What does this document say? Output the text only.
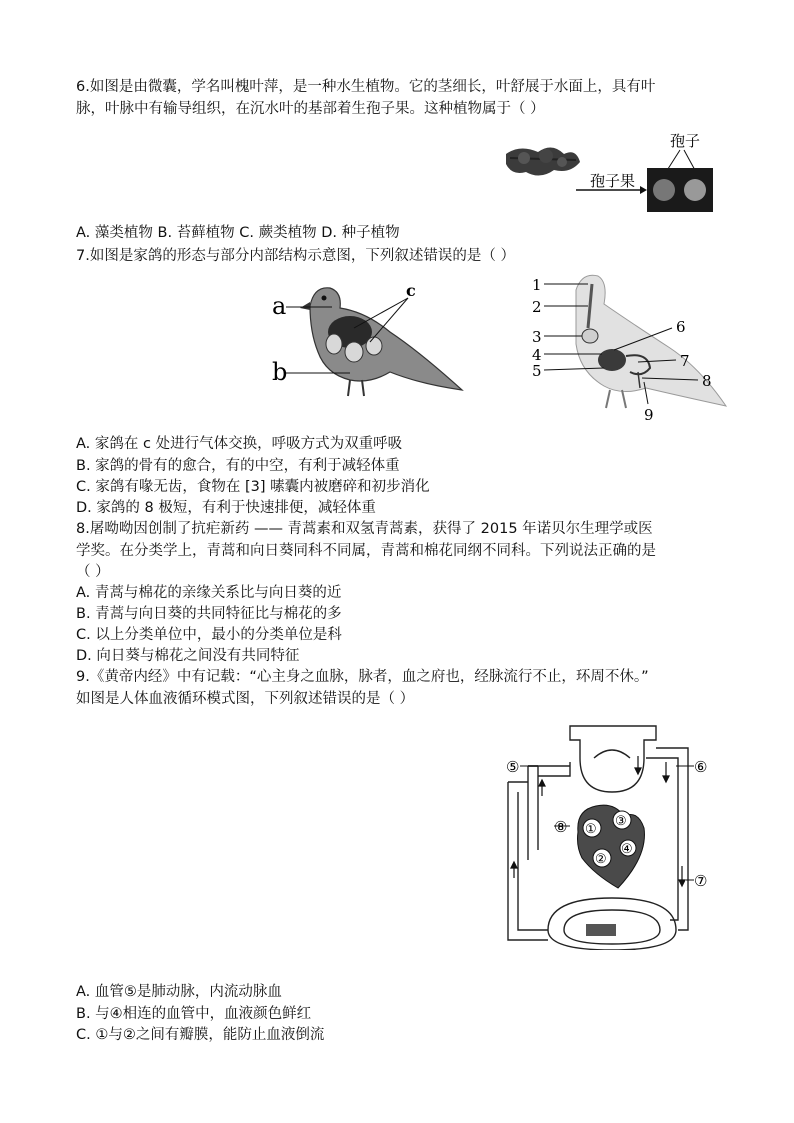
6.如图是由微囊，学名叫槐叶萍，是一种水生植物。它的茎细长，叶舒展于水面上，具有叶
脉，叶脉中有输导组织，在沉水叶的基部着生孢子果。这种植物属于（ ）
孢子果
孢子
A. 藻类植物 B. 苔藓植物 C. 蕨类植物 D. 种子植物
7.如图是家鸽的形态与部分内部结构示意图，下列叙述错误的是（ ）
a
b
c	1
2
3
4
5
6
7
8
9
A. 家鸽在 c 处进行气体交换，呼吸方式为双重呼吸
B. 家鸽的骨有的愈合，有的中空，有利于减轻体重
C. 家鸽有喙无齿，食物在 [3] 嗉囊内被磨碎和初步消化
D. 家鸽的 8 极短，有利于快速排便，减轻体重
8.屠呦呦因创制了抗疟新药 —— 青蒿素和双氢青蒿素，获得了 2015 年诺贝尔生理学或医
学奖。在分类学上，青蒿和向日葵同科不同属，青蒿和棉花同纲不同科。下列说法正确的是
（ ）
A. 青蒿与棉花的亲缘关系比与向日葵的近
B. 青蒿与向日葵的共同特征比与棉花的多
C. 以上分类单位中，最小的分类单位是科
D. 向日葵与棉花之间没有共同特征
9.《黄帝内经》中有记载：“心主身之血脉，脉者，血之府也，经脉流行不止，环周不休。”
如图是人体血液循环模式图，下列叙述错误的是（ ）
⑤	⑥
⑦
⑧ ①
②
③
④
A. 血管⑤是肺动脉，内流动脉血
B. 与④相连的血管中，血液颜色鲜红
C. ①与②之间有瓣膜，能防止血液倒流
